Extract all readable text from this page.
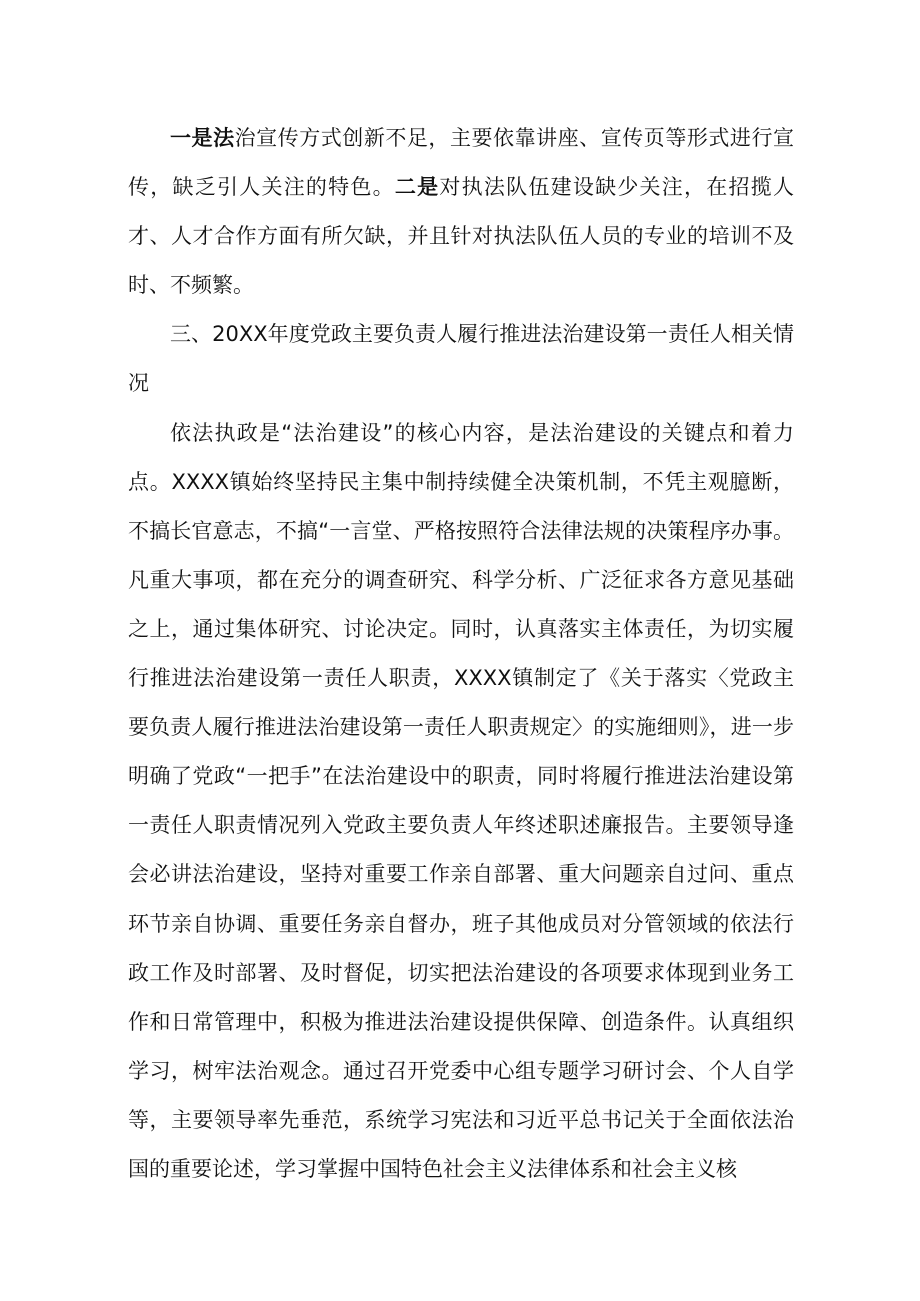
一是法治宣传方式创新不足，主要依靠讲座、宣传页等形式进行宣传，缺乏引人关注的特色。二是对执法队伍建设缺少关注，在招揽人才、人才合作方面有所欠缺，并且针对执法队伍人员的专业的培训不及时、不频繁。

三、20XX年度党政主要负责人履行推进法治建设第一责任人相关情况

依法执政是“法治建设”的核心内容，是法治建设的关键点和着力点。XXXX镇始终坚持民主集中制持续健全决策机制，不凭主观臆断，不搞长官意志，不搞“一言堂、严格按照符合法律法规的决策程序办事。凡重大事项，都在充分的调查研究、科学分析、广泛征求各方意见基础之上，通过集体研究、讨论决定。同时，认真落实主体责任，为切实履行推进法治建设第一责任人职责，XXXX镇制定了《关于落实〈党政主要负责人履行推进法治建设第一责任人职责规定〉的实施细则》，进一步明确了党政“一把手”在法治建设中的职责，同时将履行推进法治建设第一责任人职责情况列入党政主要负责人年终述职述廉报告。主要领导逢会必讲法治建设，坚持对重要工作亲自部署、重大问题亲自过问、重点环节亲自协调、重要任务亲自督办，班子其他成员对分管领域的依法行政工作及时部署、及时督促，切实把法治建设的各项要求体现到业务工作和日常管理中，积极为推进法治建设提供保障、创造条件。认真组织学习，树牢法治观念。通过召开党委中心组专题学习研讨会、个人自学等，主要领导率先垂范，系统学习宪法和习近平总书记关于全面依法治国的重要论述，学习掌握中国特色社会主义法律体系和社会主义核
